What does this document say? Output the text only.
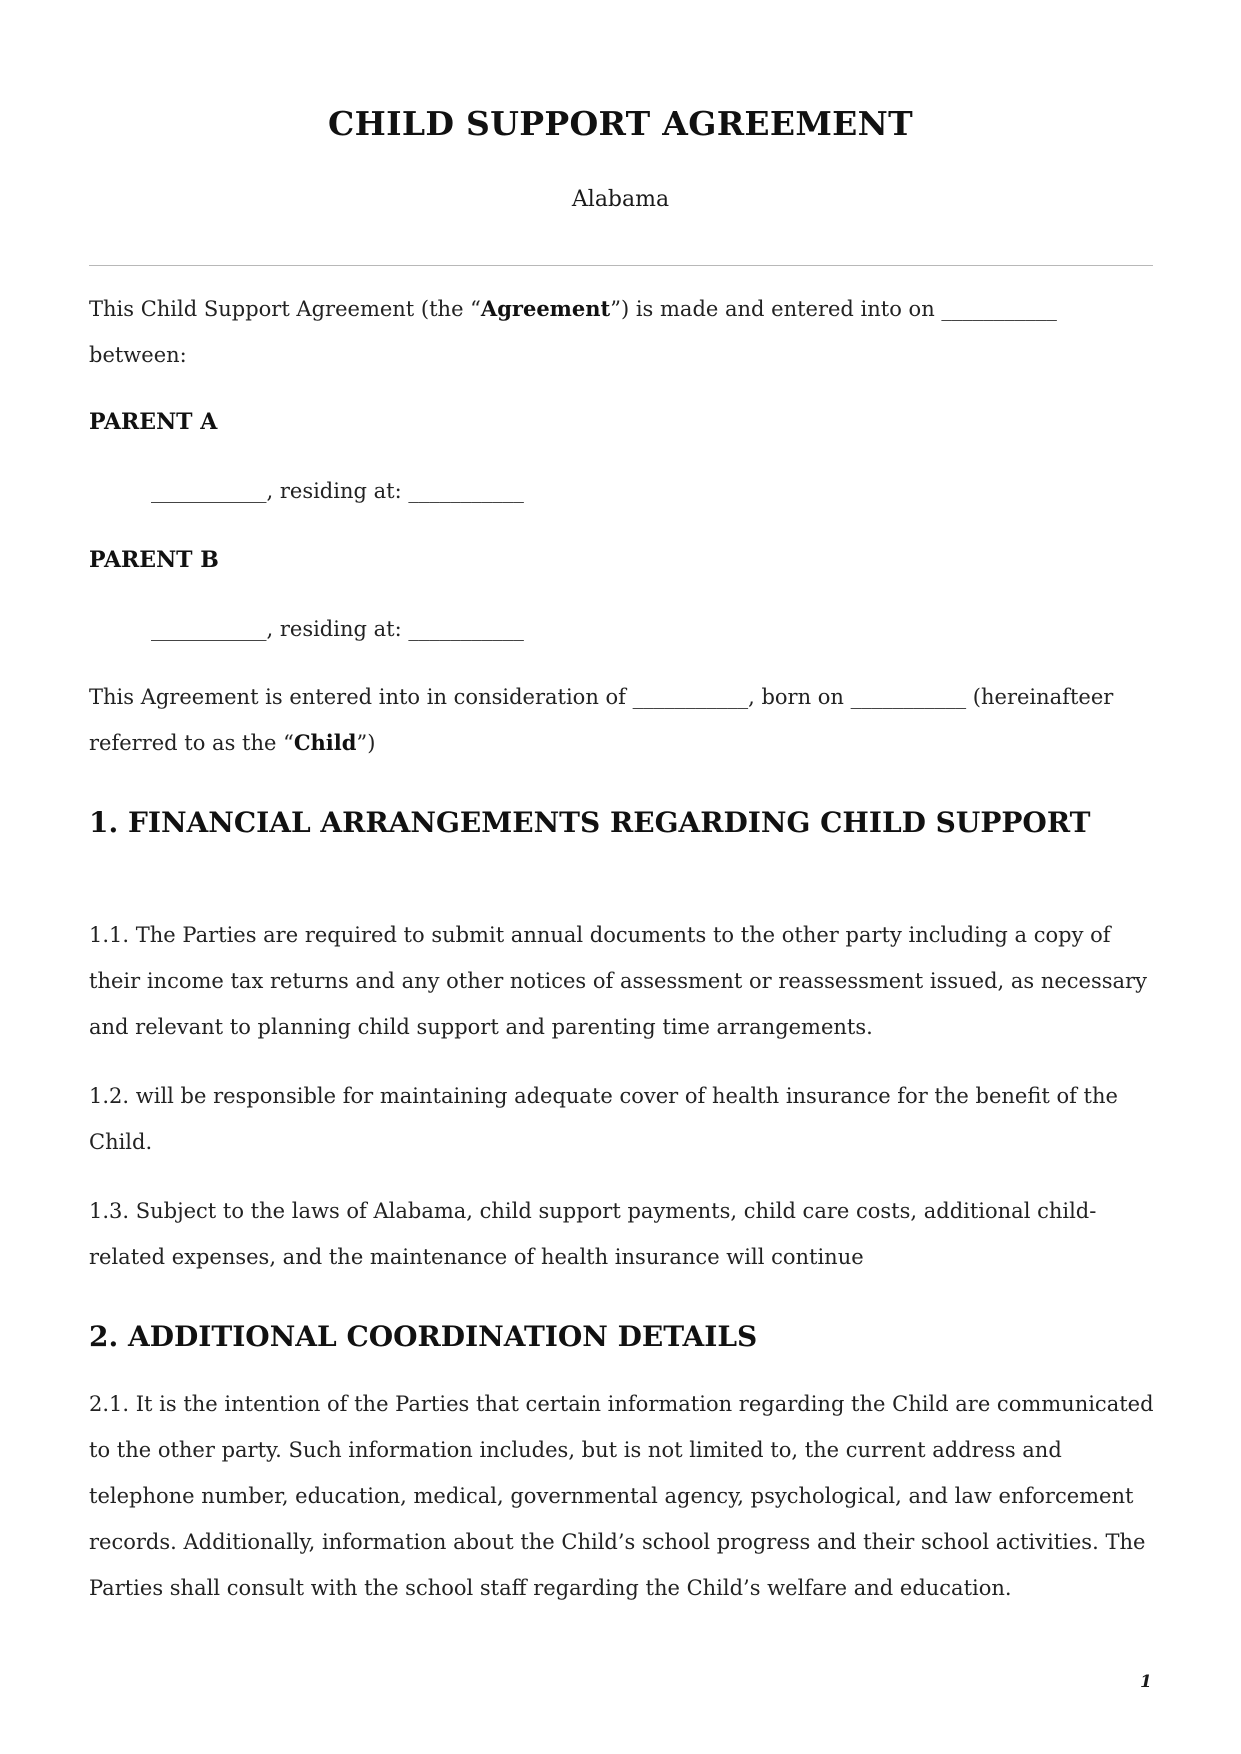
CHILD SUPPORT AGREEMENT
Alabama
This Child Support Agreement (the “Agreement”) is made and entered into on ___________ between:
PARENT A
___________, residing at: ___________
PARENT B
___________, residing at: ___________
This Agreement is entered into in consideration of ___________, born on ___________ (hereinafteer referred to as the “Child”)
1. FINANCIAL ARRANGEMENTS REGARDING CHILD SUPPORT
1.1. The Parties are required to submit annual documents to the other party including a copy of their income tax returns and any other notices of assessment or reassessment issued, as necessary and relevant to planning child support and parenting time arrangements.
1.2. will be responsible for maintaining adequate cover of health insurance for the benefit of the Child.
1.3. Subject to the laws of Alabama, child support payments, child care costs, additional child-related expenses, and the maintenance of health insurance will continue
2. ADDITIONAL COORDINATION DETAILS
2.1. It is the intention of the Parties that certain information regarding the Child are communicated to the other party. Such information includes, but is not limited to, the current address and telephone number, education, medical, governmental agency, psychological, and law enforcement records. Additionally, information about the Child’s school progress and their school activities. The Parties shall consult with the school staff regarding the Child’s welfare and education.
1
